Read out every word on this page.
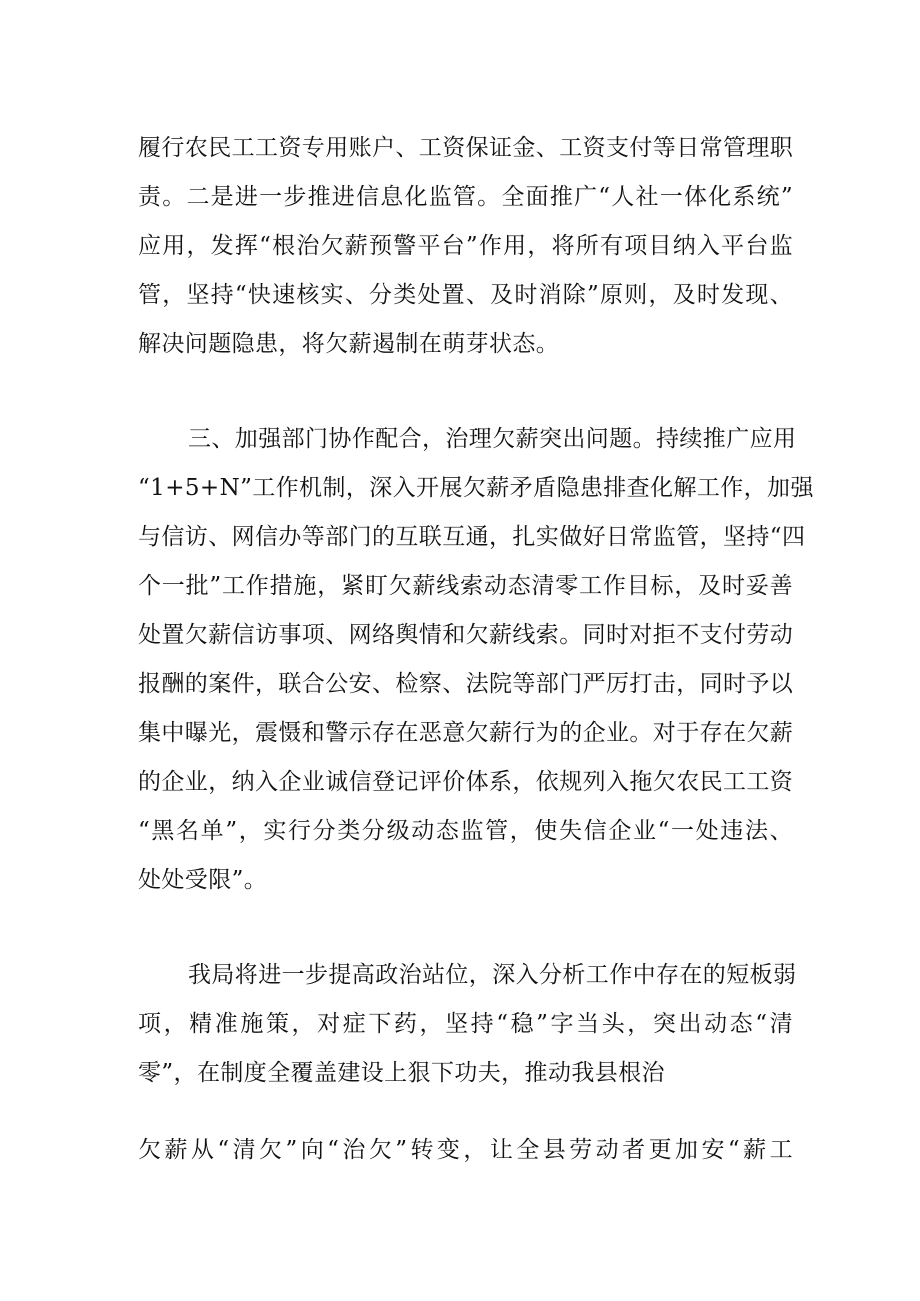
履行农民工工资专用账户、工资保证金、工资支付等日常管理职
责。二是进一步推进信息化监管。全面推广“人社一体化系统”
应用，发挥“根治欠薪预警平台”作用，将所有项目纳入平台监
管，坚持“快速核实、分类处置、及时消除”原则，及时发现、
解决问题隐患，将欠薪遏制在萌芽状态。
三、加强部门协作配合，治理欠薪突出问题。持续推广应用
“1+5+N”工作机制，深入开展欠薪矛盾隐患排查化解工作，加强
与信访、网信办等部门的互联互通，扎实做好日常监管，坚持“四
个一批”工作措施，紧盯欠薪线索动态清零工作目标，及时妥善
处置欠薪信访事项、网络舆情和欠薪线索。同时对拒不支付劳动
报酬的案件，联合公安、检察、法院等部门严厉打击，同时予以
集中曝光，震慑和警示存在恶意欠薪行为的企业。对于存在欠薪
的企业，纳入企业诚信登记评价体系，依规列入拖欠农民工工资
“黑名单”，实行分类分级动态监管，使失信企业“一处违法、
处处受限”。
我局将进一步提高政治站位，深入分析工作中存在的短板弱
项，精准施策，对症下药，坚持“稳”字当头，突出动态“清
零”，在制度全覆盖建设上狠下功夫，推动我县根治
欠薪从“清欠”向“治欠”转变，让全县劳动者更加安“薪工
